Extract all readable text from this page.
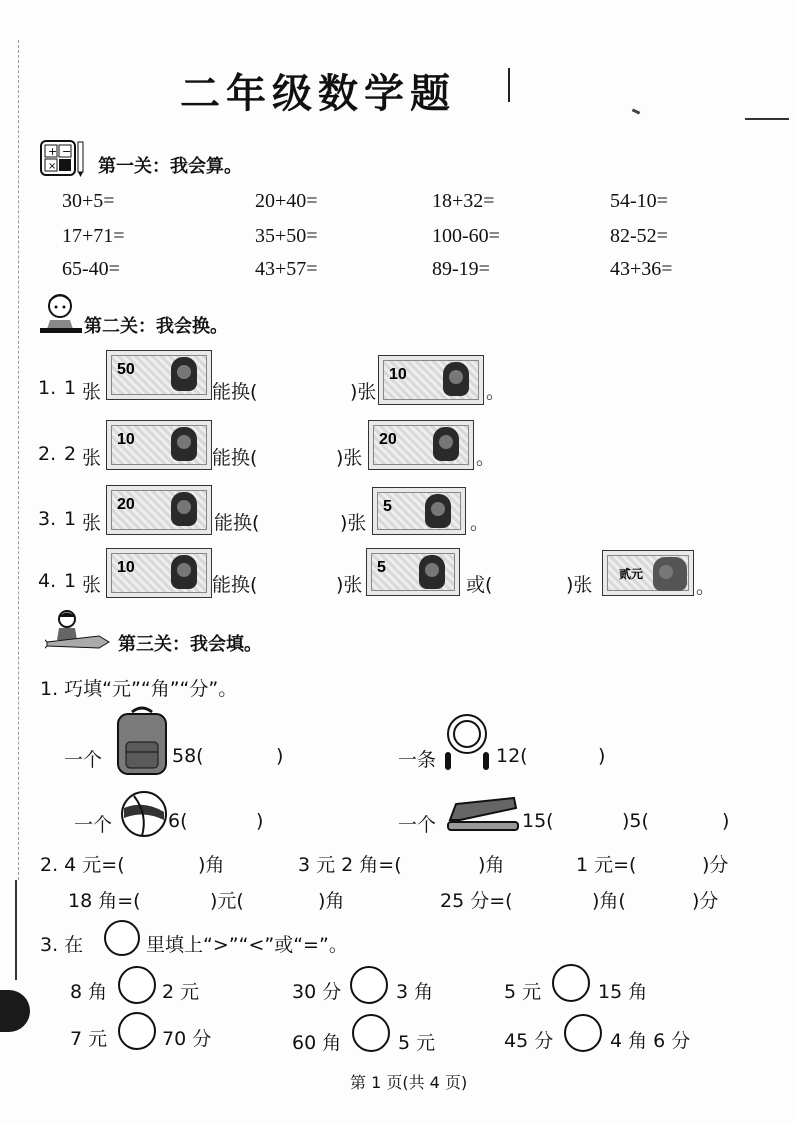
二年级数学题
+ −
× 第一关：我会算。
30+5=	20+40=	18+32=	54-10=
17+71=	35+50=	100-60=	82-52=
65-40=	43+57=	89-19=	43+36=
第二关：我会换。
1. 1 张
50
能换(	)张
10
。
2. 2 张
10
能换(	)张
20
。
3. 1 张
20
能换(	)张
5
。
4. 1 张
10
能换(	)张
5
或(	)张 贰元
。
第三关：我会填。
1. 巧填“元”“角”“分”。
一个	58(	)	一条	12(	)
一个	6(	)	一个	15(	)5(	)
2. 4 元=(	)角	3 元 2 角=(	)角	1 元=(	)分
18 角=(	)元(	)角	25 分=(	)角(	)分
3. 在	里填上“>”“<”或“=”。
8 角	2 元	30 分	3 角	5 元	15 角
7 元	70 分	60 角	5 元	45 分	4 角 6 分
第 1 页(共 4 页)
